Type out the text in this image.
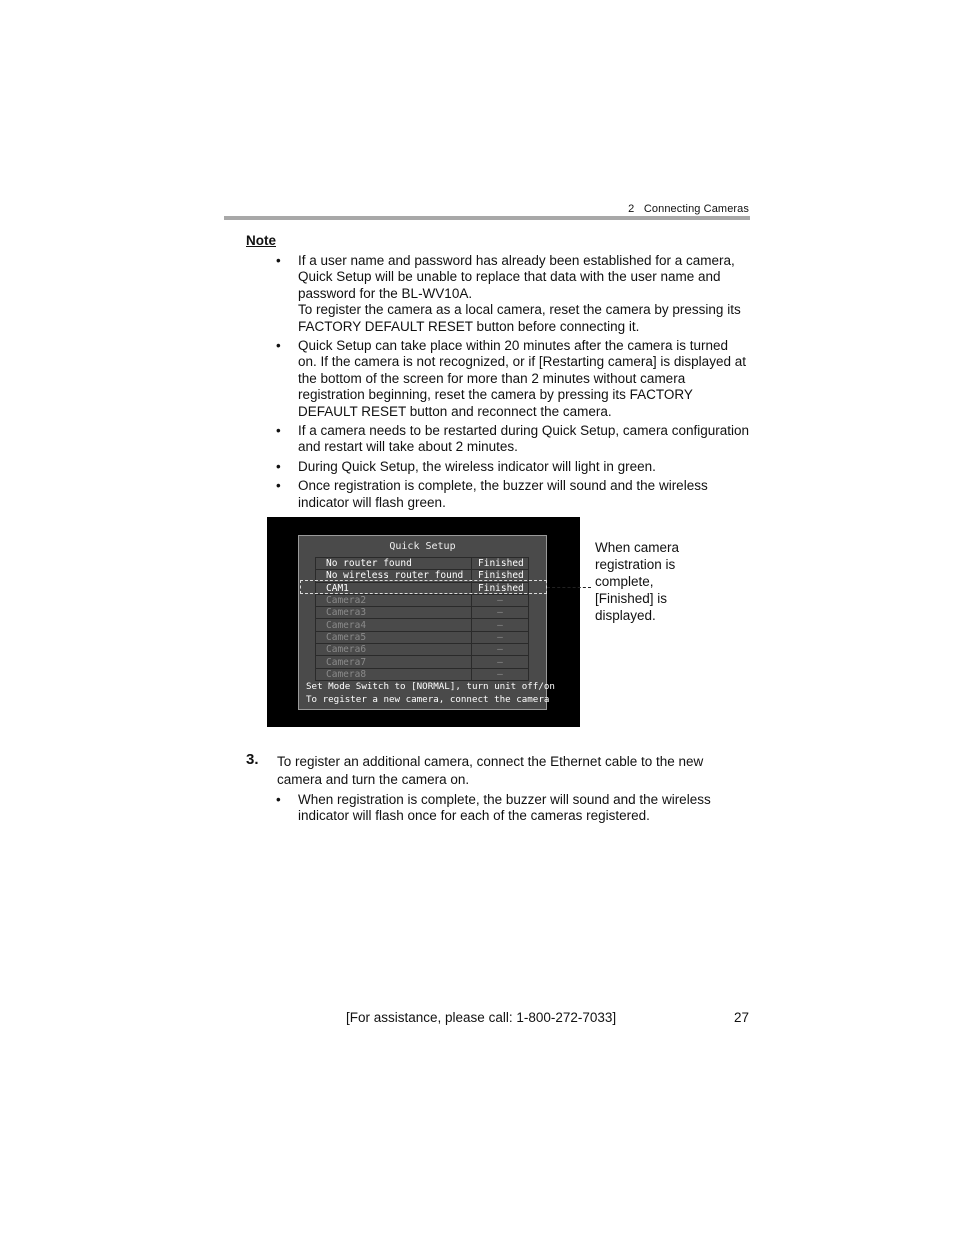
2 Connecting Cameras
Note
• If a user name and password has already been established for a camera, Quick Setup will be unable to replace that data with the user name and password for the BL-WV10A.
To register the camera as a local camera, reset the camera by pressing its FACTORY DEFAULT RESET button before connecting it.
• Quick Setup can take place within 20 minutes after the camera is turned on. If the camera is not recognized, or if [Restarting camera] is displayed at the bottom of the screen for more than 2 minutes without camera registration beginning, reset the camera by pressing its FACTORY DEFAULT RESET button and reconnect the camera.
• If a camera needs to be restarted during Quick Setup, camera configuration and restart will take about 2 minutes.
• During Quick Setup, the wireless indicator will light in green.
• Once registration is complete, the buzzer will sound and the wireless indicator will flash green.
Quick Setup
No router found	Finished
No wireless router found	Finished
CAM1	Finished
Camera2	–
Camera3	–
Camera4	–
Camera5	–
Camera6	–
Camera7	–
Camera8	–
Set Mode Switch to [NORMAL], turn unit off/on
To register a new camera, connect the camera
When camera registration is complete, [Finished] is displayed.
3. To register an additional camera, connect the Ethernet cable to the new camera and turn the camera on.
• When registration is complete, the buzzer will sound and the wireless indicator will flash once for each of the cameras registered.
[For assistance, please call: 1-800-272-7033]	27
